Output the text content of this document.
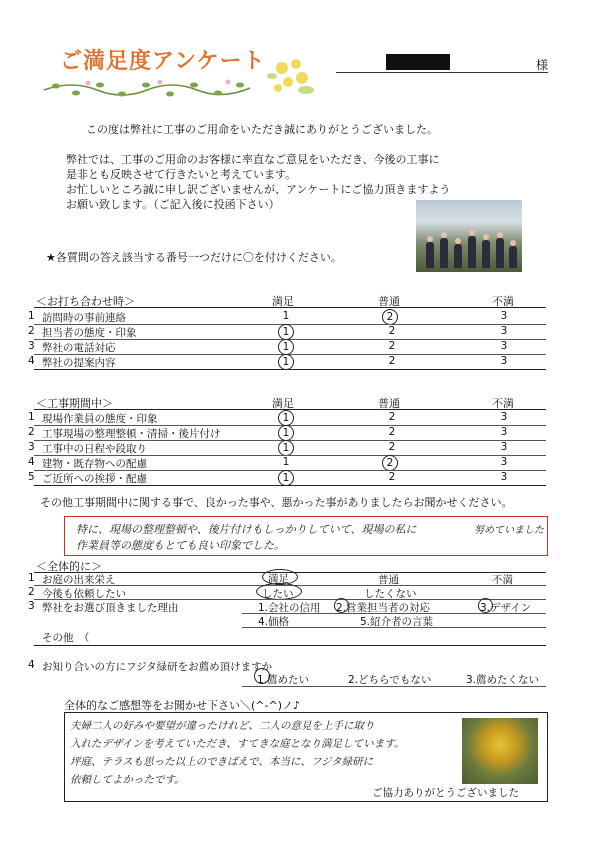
ご満足度アンケート	様
この度は弊社に工事のご用命をいただき誠にありがとうございました。
弊社では、工事のご用命のお客様に率直なご意見をいただき、今後の工事に
是非とも反映させて行きたいと考えています。
お忙しいところ誠に申し訳ございませんが、アンケートにご協力頂きますよう
お願い致します。（ご記入後に投函下さい）
★各質問の答え該当する番号一つだけに〇を付けください。
＜お打ち合わせ時＞	満足	普通	不満
1 訪問時の事前連絡	1	2	3
2 担当者の態度・印象	1	2	3
3 弊社の電話対応	1	2	3
4 弊社の提案内容	1	2	3
＜工事期間中＞	満足	普通	不満
1 現場作業員の態度・印象	1	2	3
2 工事現場の整理整頓・清掃・後片付け	1	2	3
3 工事中の日程や段取り	1	2	3
4 建物・既存物への配慮	1	2	3
5 ご近所への挨拶・配慮	1	2	3
その他工事期間中に関する事で、良かった事や、悪かった事がありましたらお聞かせください。
特に、現場の整理整頓や、後片付けもしっかりしていて、現場の私に	努めていました
作業員等の態度もとても良い印象でした。
＜全体的に＞
1 お庭の出来栄え	満足	普通	不満
2 今後も依頼したい	したい	したくない
3 弊社をお選び頂きました理由	1.会社の信用 2.営業担当者の対応	3.デザイン
4.価格	5.紹介者の言葉
その他　（
4 お知り合いの方にフジタ緑研をお薦め頂けますか
1.薦めたい	2.どちらでもない	3.薦めたくない
全体的なご感想等をお聞かせ下さい＼(^-^)ノ♪
夫婦二人の好みや要望が違ったけれど、二人の意見を上手に取り
入れたデザインを考えていただき、すてきな庭となり満足しています。
坪庭、テラスも思った以上のできばえで、本当に、フジタ緑研に
依頼してよかったです。
ご協力ありがとうございました
